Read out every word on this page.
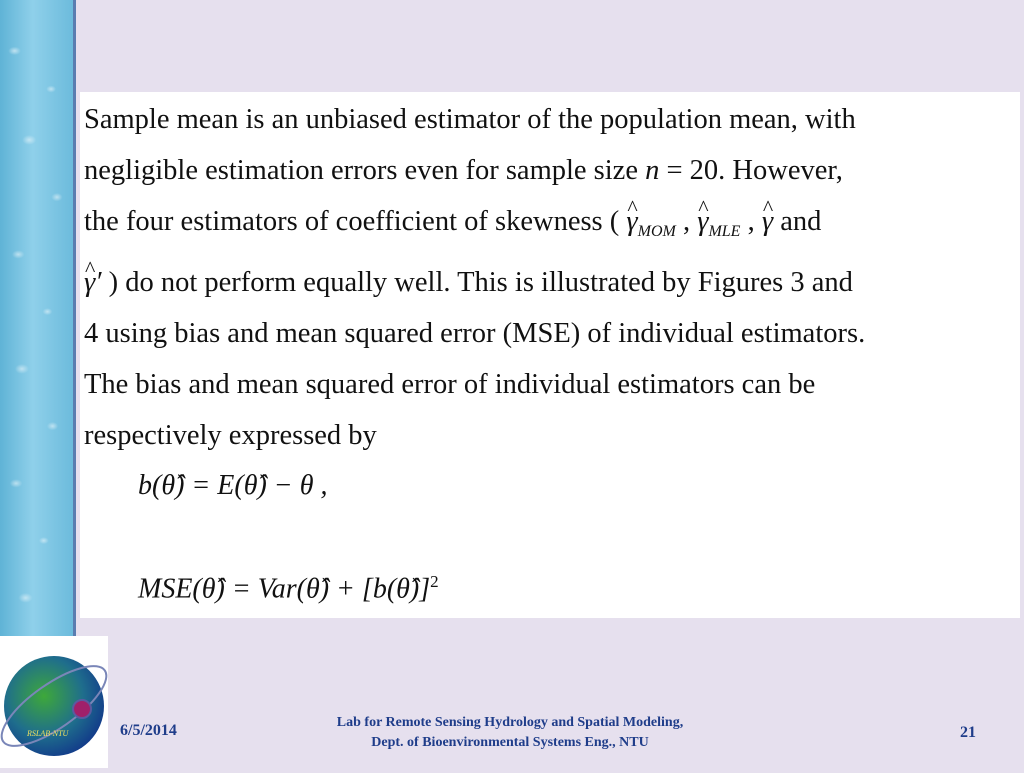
Sample mean is an unbiased estimator of the population mean, with
negligible estimation errors even for sample size n = 20. However,
the four estimators of coefficient of skewness ( ^ $\gamma_{MOM}$ , ^ $\gamma_{MLE}$ , ^ γ and
^ γ′ ) do not perform equally well. This is illustrated by Figures 3 and
4 using bias and mean squared error (MSE) of individual estimators.
The bias and mean squared error of individual estimators can be
respectively expressed by
b(θ̂) = E(θ̂) − θ ,
MSE(θ̂) = Var(θ̂) + [b(θ̂)]$^2$
RSLAB-NTU	6/5/2014	Lab for Remote Sensing Hydrology and Spatial Modeling,
Dept. of Bioenvironmental Systems Eng., NTU
21
